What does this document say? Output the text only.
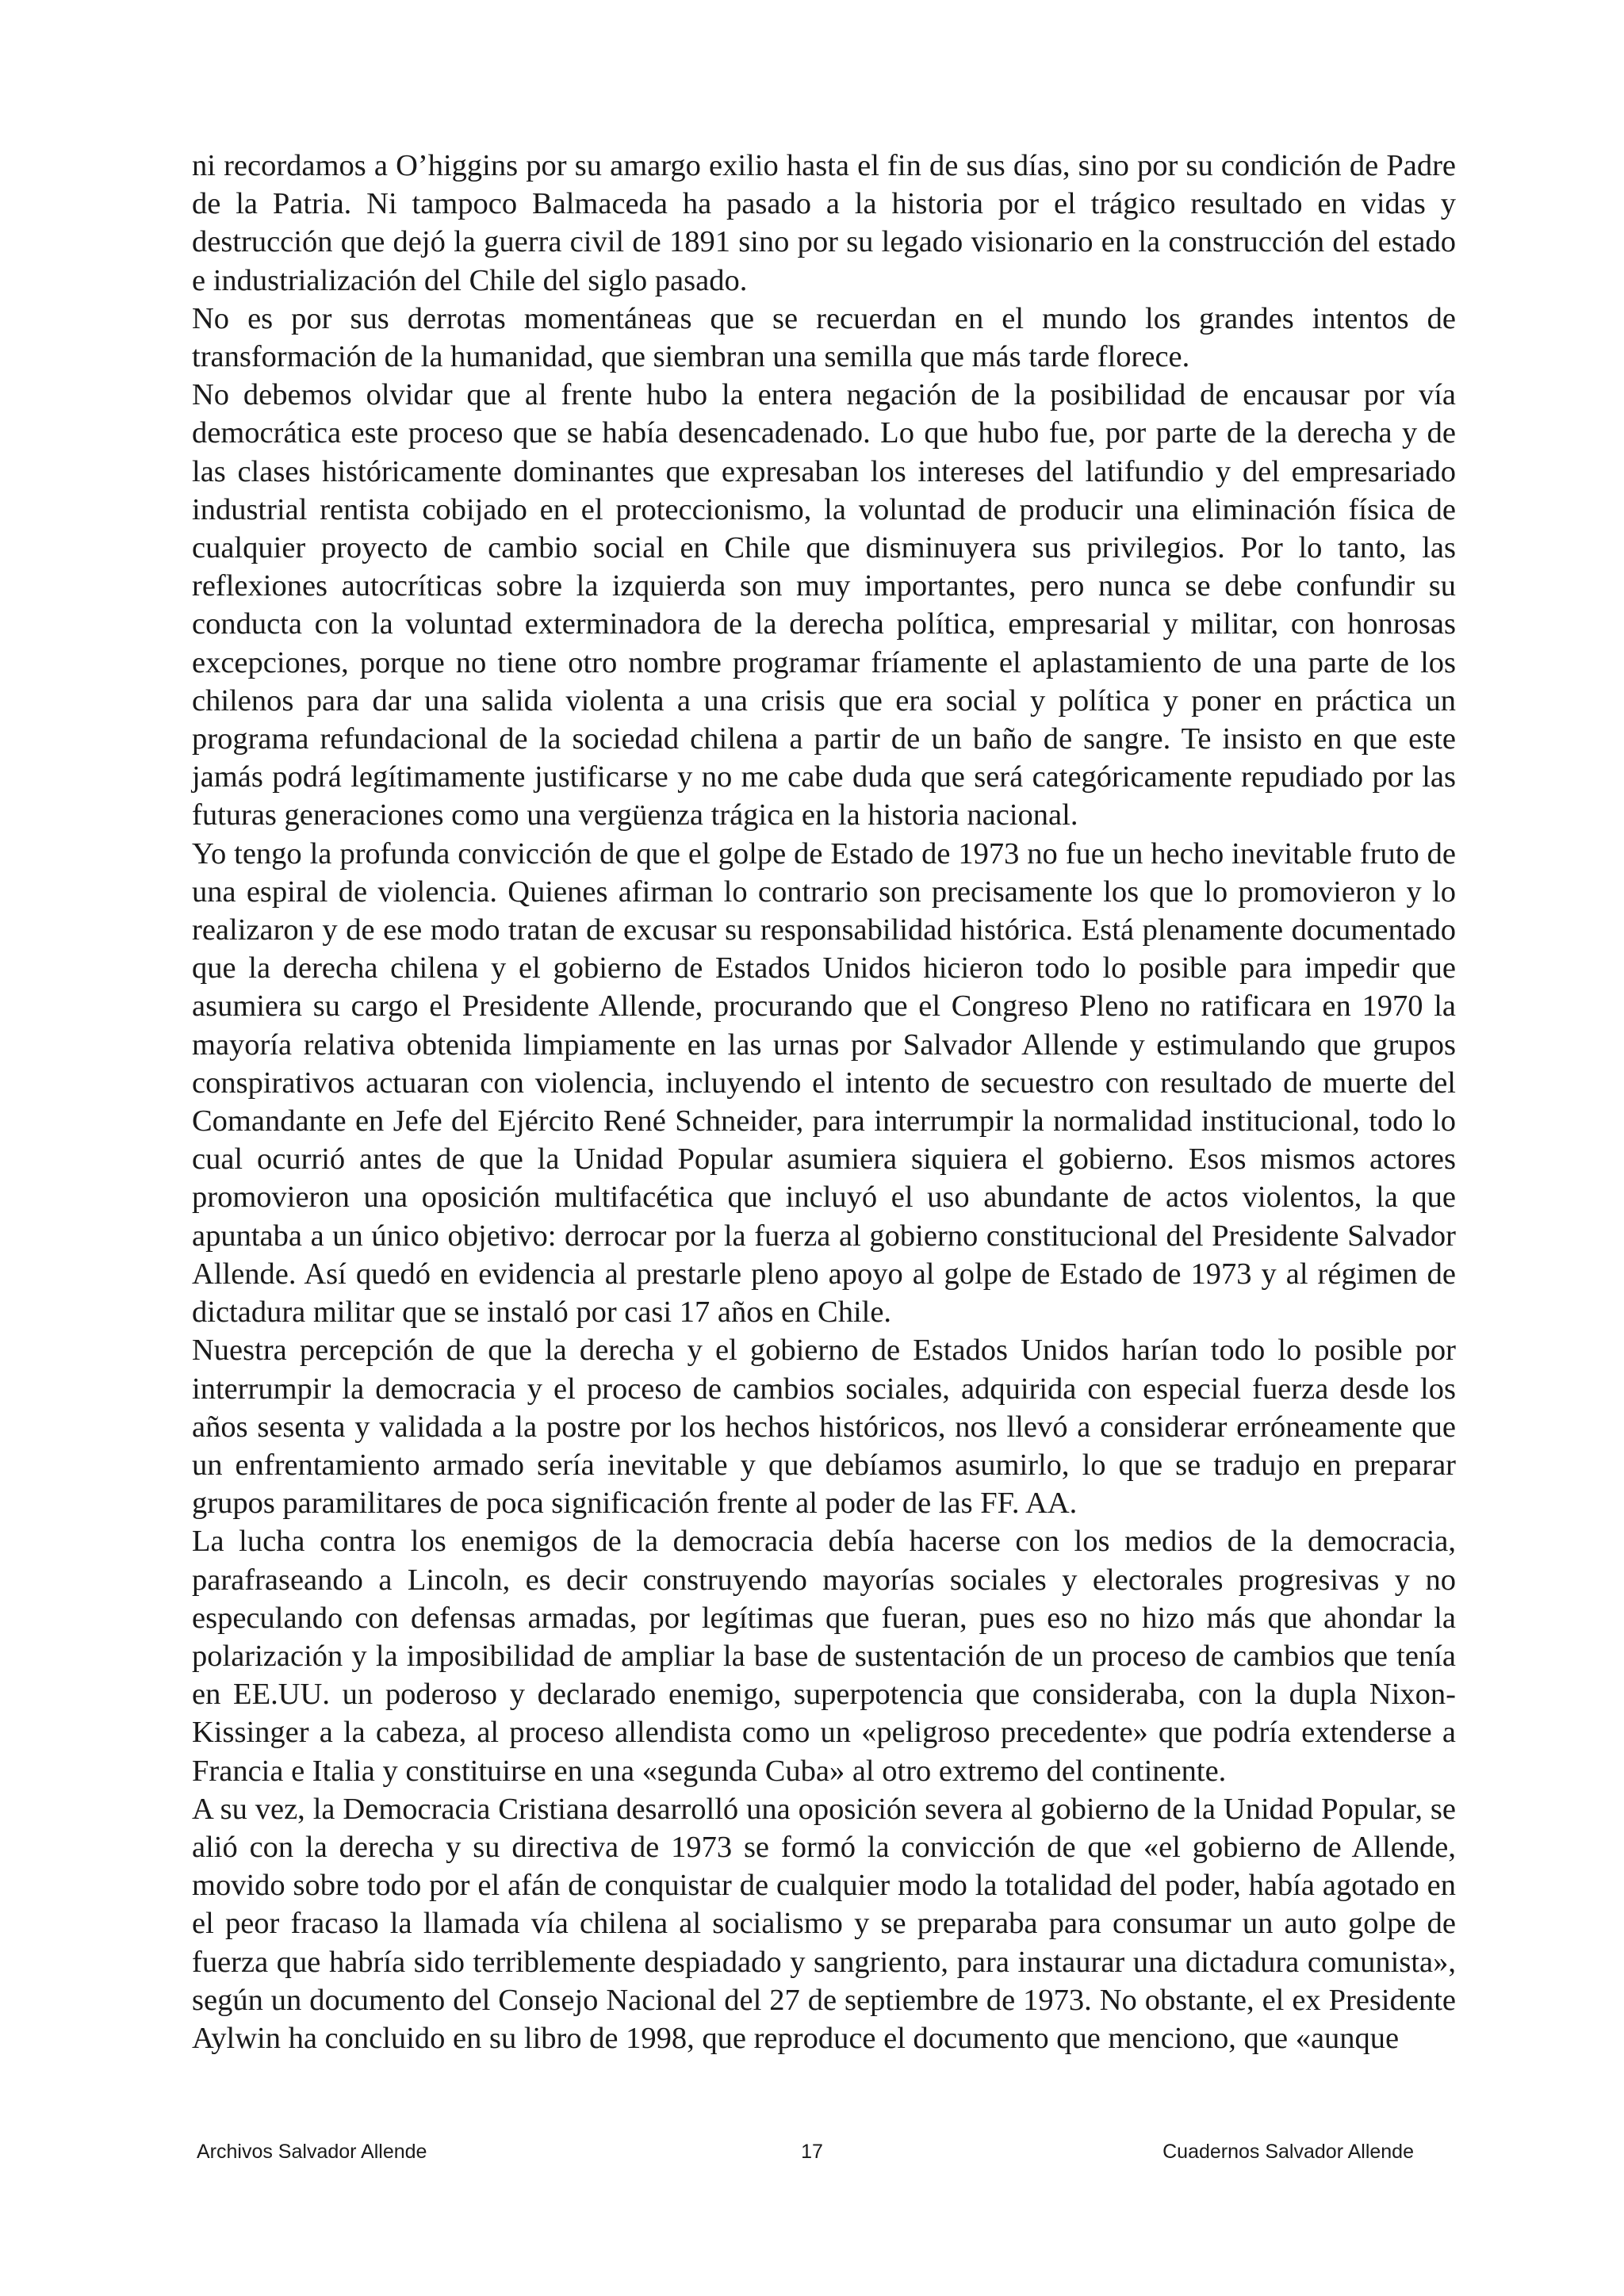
ni recordamos a O’higgins por su amargo exilio hasta el fin de sus días, sino por su condición de Padre de la Patria. Ni tampoco Balmaceda ha pasado a la historia por el trágico resultado en vidas y destrucción que dejó la guerra civil de 1891 sino por su legado visionario en la construcción del estado e industrialización del Chile del siglo pasado.

No es por sus derrotas momentáneas que se recuerdan en el mundo los grandes intentos de transformación de la humanidad, que siembran una semilla que más tarde florece.

No debemos olvidar que al frente hubo la entera negación de la posibilidad de encausar por vía democrática este proceso que se había desencadenado. Lo que hubo fue, por parte de la derecha y de las clases históricamente dominantes que expresaban los intereses del latifundio y del empresariado industrial rentista cobijado en el proteccionismo, la voluntad de producir una eliminación física de cualquier proyecto de cambio social en Chile que disminuyera sus privilegios. Por lo tanto, las reflexiones autocríticas sobre la izquierda son muy importantes, pero nunca se debe confundir su conducta con la voluntad exterminadora de la derecha política, empresarial y militar, con honrosas excepciones, porque no tiene otro nombre programar fríamente el aplastamiento de una parte de los chilenos para dar una salida violenta a una crisis que era social y política y poner en práctica un programa refundacional de la sociedad chilena a partir de un baño de sangre. Te insisto en que este jamás podrá legítimamente justificarse y no me cabe duda que será categóricamente repudiado por las futuras generaciones como una vergüenza trágica en la historia nacional.

Yo tengo la profunda convicción de que el golpe de Estado de 1973 no fue un hecho inevitable fruto de una espiral de violencia. Quienes afirman lo contrario son precisamente los que lo promovieron y lo realizaron y de ese modo tratan de excusar su responsabilidad histórica. Está plenamente documentado que la derecha chilena y el gobierno de Estados Unidos hicieron todo lo posible para impedir que asumiera su cargo el Presidente Allende, procurando que el Congreso Pleno no ratificara en 1970 la mayoría relativa obtenida limpiamente en las urnas por Salvador Allende y estimulando que grupos conspirativos actuaran con violencia, incluyendo el intento de secuestro con resultado de muerte del Comandante en Jefe del Ejército René Schneider, para interrumpir la normalidad institucional, todo lo cual ocurrió antes de que la Unidad Popular asumiera siquiera el gobierno. Esos mismos actores promovieron una oposición multifacética que incluyó el uso abundante de actos violentos, la que apuntaba a un único objetivo: derrocar por la fuerza al gobierno constitucional del Presidente Salvador Allende. Así quedó en evidencia al prestarle pleno apoyo al golpe de Estado de 1973 y al régimen de dictadura militar que se instaló por casi 17 años en Chile.

Nuestra percepción de que la derecha y el gobierno de Estados Unidos harían todo lo posible por interrumpir la democracia y el proceso de cambios sociales, adquirida con especial fuerza desde los años sesenta y validada a la postre por los hechos históricos, nos llevó a considerar erróneamente que un enfrentamiento armado sería inevitable y que debíamos asumirlo, lo que se tradujo en preparar grupos paramilitares de poca significación frente al poder de las FF. AA.

La lucha contra los enemigos de la democracia debía hacerse con los medios de la democracia, parafraseando a Lincoln, es decir construyendo mayorías sociales y electorales progresivas y no especulando con defensas armadas, por legítimas que fueran, pues eso no hizo más que ahondar la polarización y la imposibilidad de ampliar la base de sustentación de un proceso de cambios que tenía en EE.UU. un poderoso y declarado enemigo, superpotencia que consideraba, con la dupla Nixon-Kissinger a la cabeza, al proceso allendista como un «peligroso precedente» que podría extenderse a Francia e Italia y constituirse en una «segunda Cuba» al otro extremo del continente.

A su vez, la Democracia Cristiana desarrolló una oposición severa al gobierno de la Unidad Popular, se alió con la derecha y su directiva de 1973 se formó la convicción de que «el gobierno de Allende, movido sobre todo por el afán de conquistar de cualquier modo la totalidad del poder, había agotado en el peor fracaso la llamada vía chilena al socialismo y se preparaba para consumar un auto golpe de fuerza que habría sido terriblemente despiadado y sangriento, para instaurar una dictadura comunista», según un documento del Consejo Nacional del 27 de septiembre de 1973. No obstante, el ex Presidente Aylwin ha concluido en su libro de 1998, que reproduce el documento que menciono, que «aunque

Archivos Salvador Allende	17	Cuadernos Salvador Allende
